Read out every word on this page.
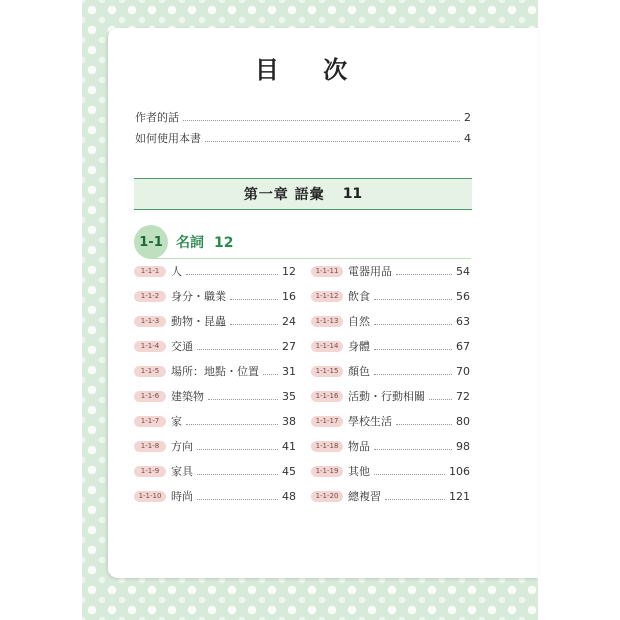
目 次
作者的話	2
如何使用本書	4
第一章 語彙 11
1-1 名詞 12
1-1-1	人	12
1-1-2	身分・職業	16
1-1-3	動物・昆蟲	24
1-1-4	交通	27
1-1-5	場所：地點・位置 31
1-1-6	建築物	35
1-1-7	家	38
1-1-8	方向	41
1-1-9	家具	45
1-1-10 時尚	48
1-1-11 電器用品	54
1-1-12 飲食	56
1-1-13 自然	63
1-1-14 身體	67
1-1-15 顏色	70
1-1-16 活動・行動相關	72
1-1-17 學校生活	80
1-1-18 物品	98
1-1-19 其他	106
1-1-20 總複習	121
